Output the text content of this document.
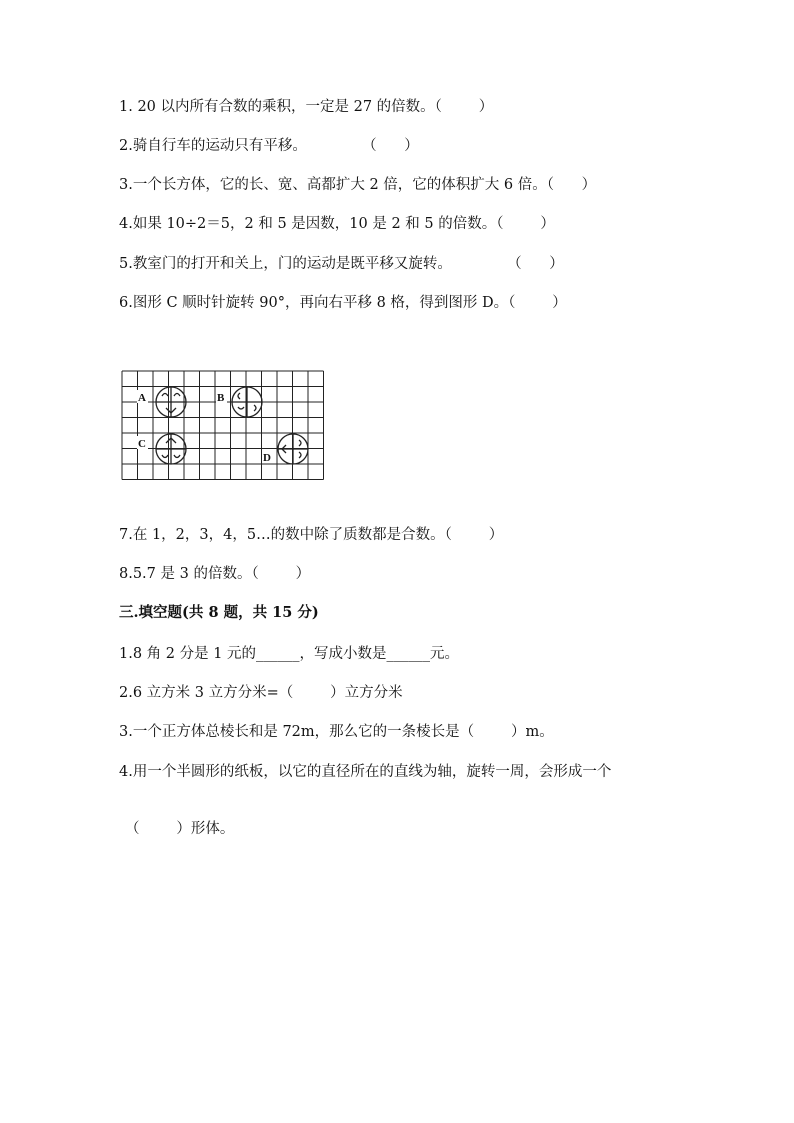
1. 20 以内所有合数的乘积，一定是 27 的倍数。（        ）
2.骑自行车的运动只有平移。            （      ）
3.一个长方体，它的长、宽、高都扩大 2 倍，它的体积扩大 6 倍。（      ）
4.如果 10÷2＝5，2 和 5 是因数，10 是 2 和 5 的倍数。（        ）
5.教室门的打开和关上，门的运动是既平移又旋转。            （      ）
6.图形 C 顺时针旋转 90°，再向右平移 8 格，得到图形 D。（        ）
A	B
C
D
7.在 1，2，3，4，5…的数中除了质数都是合数。（        ）
8.5.7 是 3 的倍数。（        ）
三.填空题(共 8 题，共 15 分)
1.8 角 2 分是 1 元的______，写成小数是______元。
2.6 立方米 3 立方分米=（        ）立方分米
3.一个正方体总棱长和是 72m，那么它的一条棱长是（        ）m。
4.用一个半圆形的纸板，以它的直径所在的直线为轴，旋转一周，会形成一个
（        ）形体。
